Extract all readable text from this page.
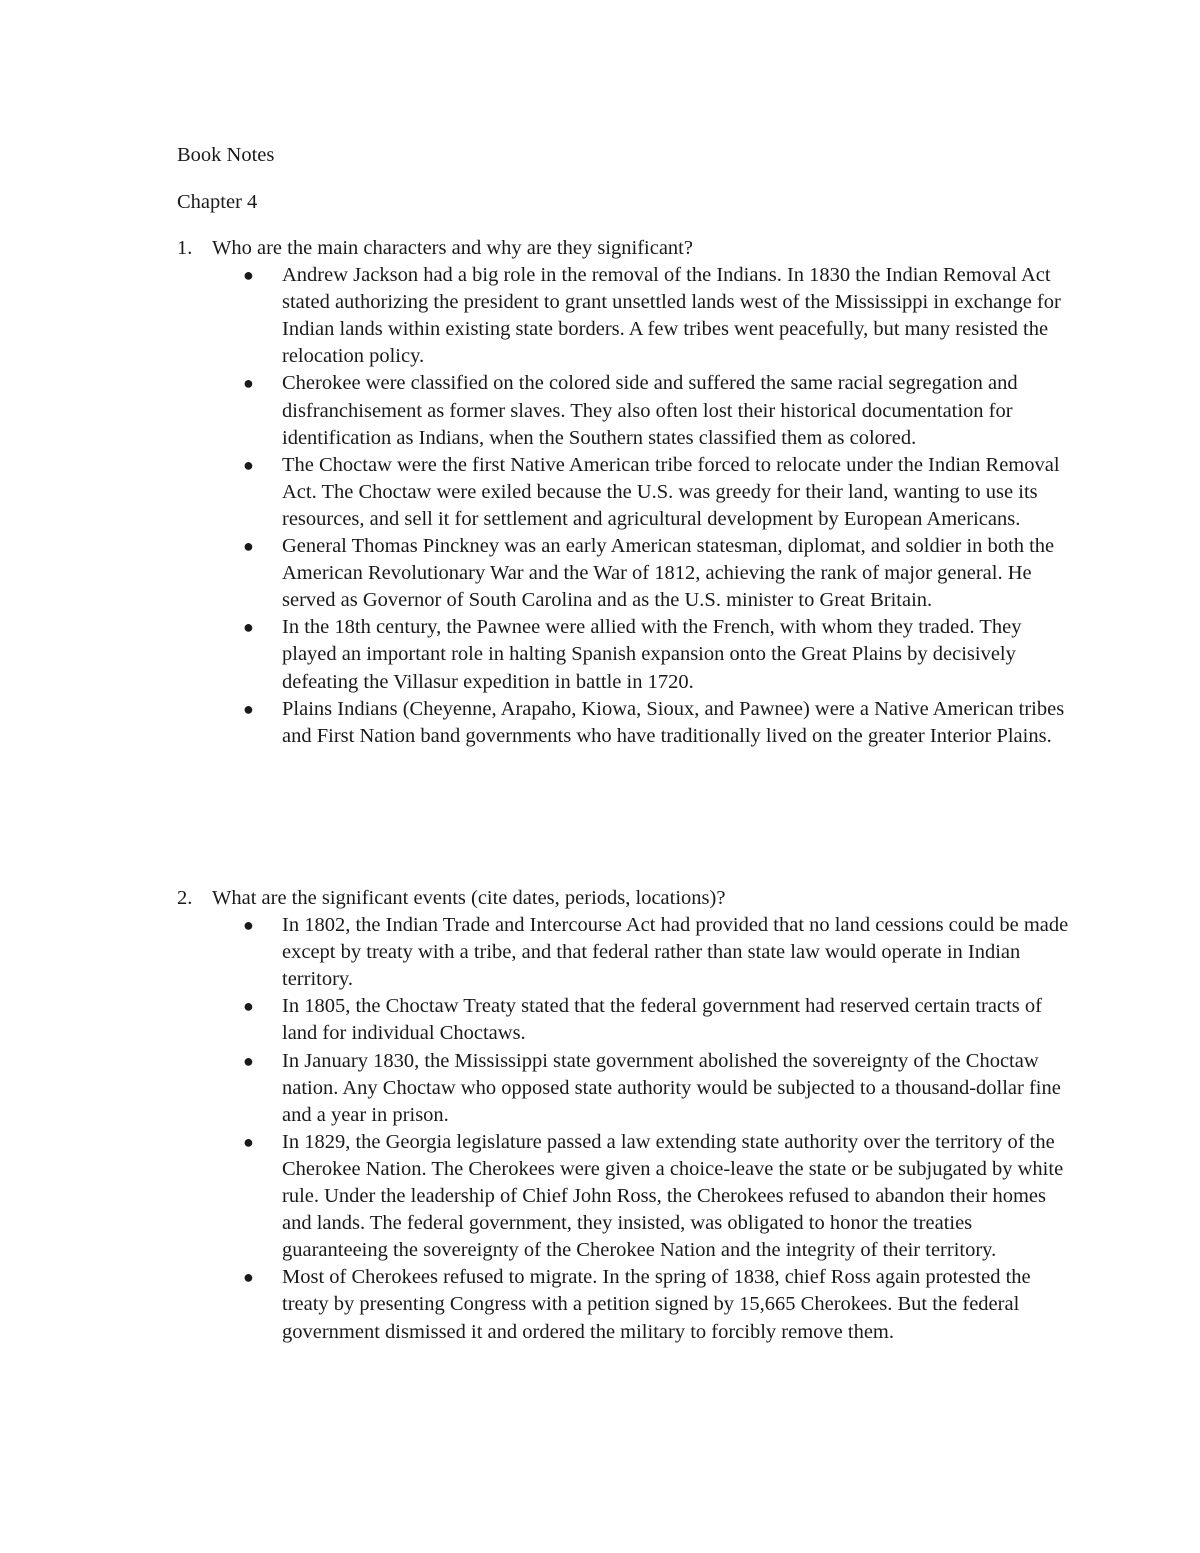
Book Notes
Chapter 4
1. Who are the main characters and why are they significant?
● Andrew Jackson had a big role in the removal of the Indians. In 1830 the Indian Removal Act stated authorizing the president to grant unsettled lands west of the Mississippi in exchange for Indian lands within existing state borders. A few tribes went peacefully, but many resisted the relocation policy.
● Cherokee were classified on the colored side and suffered the same racial segregation and disfranchisement as former slaves. They also often lost their historical documentation for identification as Indians, when the Southern states classified them as colored.
● The Choctaw were the first Native American tribe forced to relocate under the Indian Removal Act. The Choctaw were exiled because the U.S. was greedy for their land, wanting to use its resources, and sell it for settlement and agricultural development by European Americans.
● General Thomas Pinckney was an early American statesman, diplomat, and soldier in both the American Revolutionary War and the War of 1812, achieving the rank of major general. He served as Governor of South Carolina and as the U.S. minister to Great Britain.
● In the 18th century, the Pawnee were allied with the French, with whom they traded. They played an important role in halting Spanish expansion onto the Great Plains by decisively defeating the Villasur expedition in battle in 1720.
● Plains Indians (Cheyenne, Arapaho, Kiowa, Sioux, and Pawnee) were a Native American tribes and First Nation band governments who have traditionally lived on the greater Interior Plains.
2. What are the significant events (cite dates, periods, locations)?
● In 1802, the Indian Trade and Intercourse Act had provided that no land cessions could be made except by treaty with a tribe, and that federal rather than state law would operate in Indian territory.
● In 1805, the Choctaw Treaty stated that the federal government had reserved certain tracts of land for individual Choctaws.
● In January 1830, the Mississippi state government abolished the sovereignty of the Choctaw nation. Any Choctaw who opposed state authority would be subjected to a thousand-dollar fine and a year in prison.
● In 1829, the Georgia legislature passed a law extending state authority over the territory of the Cherokee Nation. The Cherokees were given a choice-leave the state or be subjugated by white rule. Under the leadership of Chief John Ross, the Cherokees refused to abandon their homes and lands. The federal government, they insisted, was obligated to honor the treaties guaranteeing the sovereignty of the Cherokee Nation and the integrity of their territory.
● Most of Cherokees refused to migrate. In the spring of 1838, chief Ross again protested the treaty by presenting Congress with a petition signed by 15,665 Cherokees. But the federal government dismissed it and ordered the military to forcibly remove them.
